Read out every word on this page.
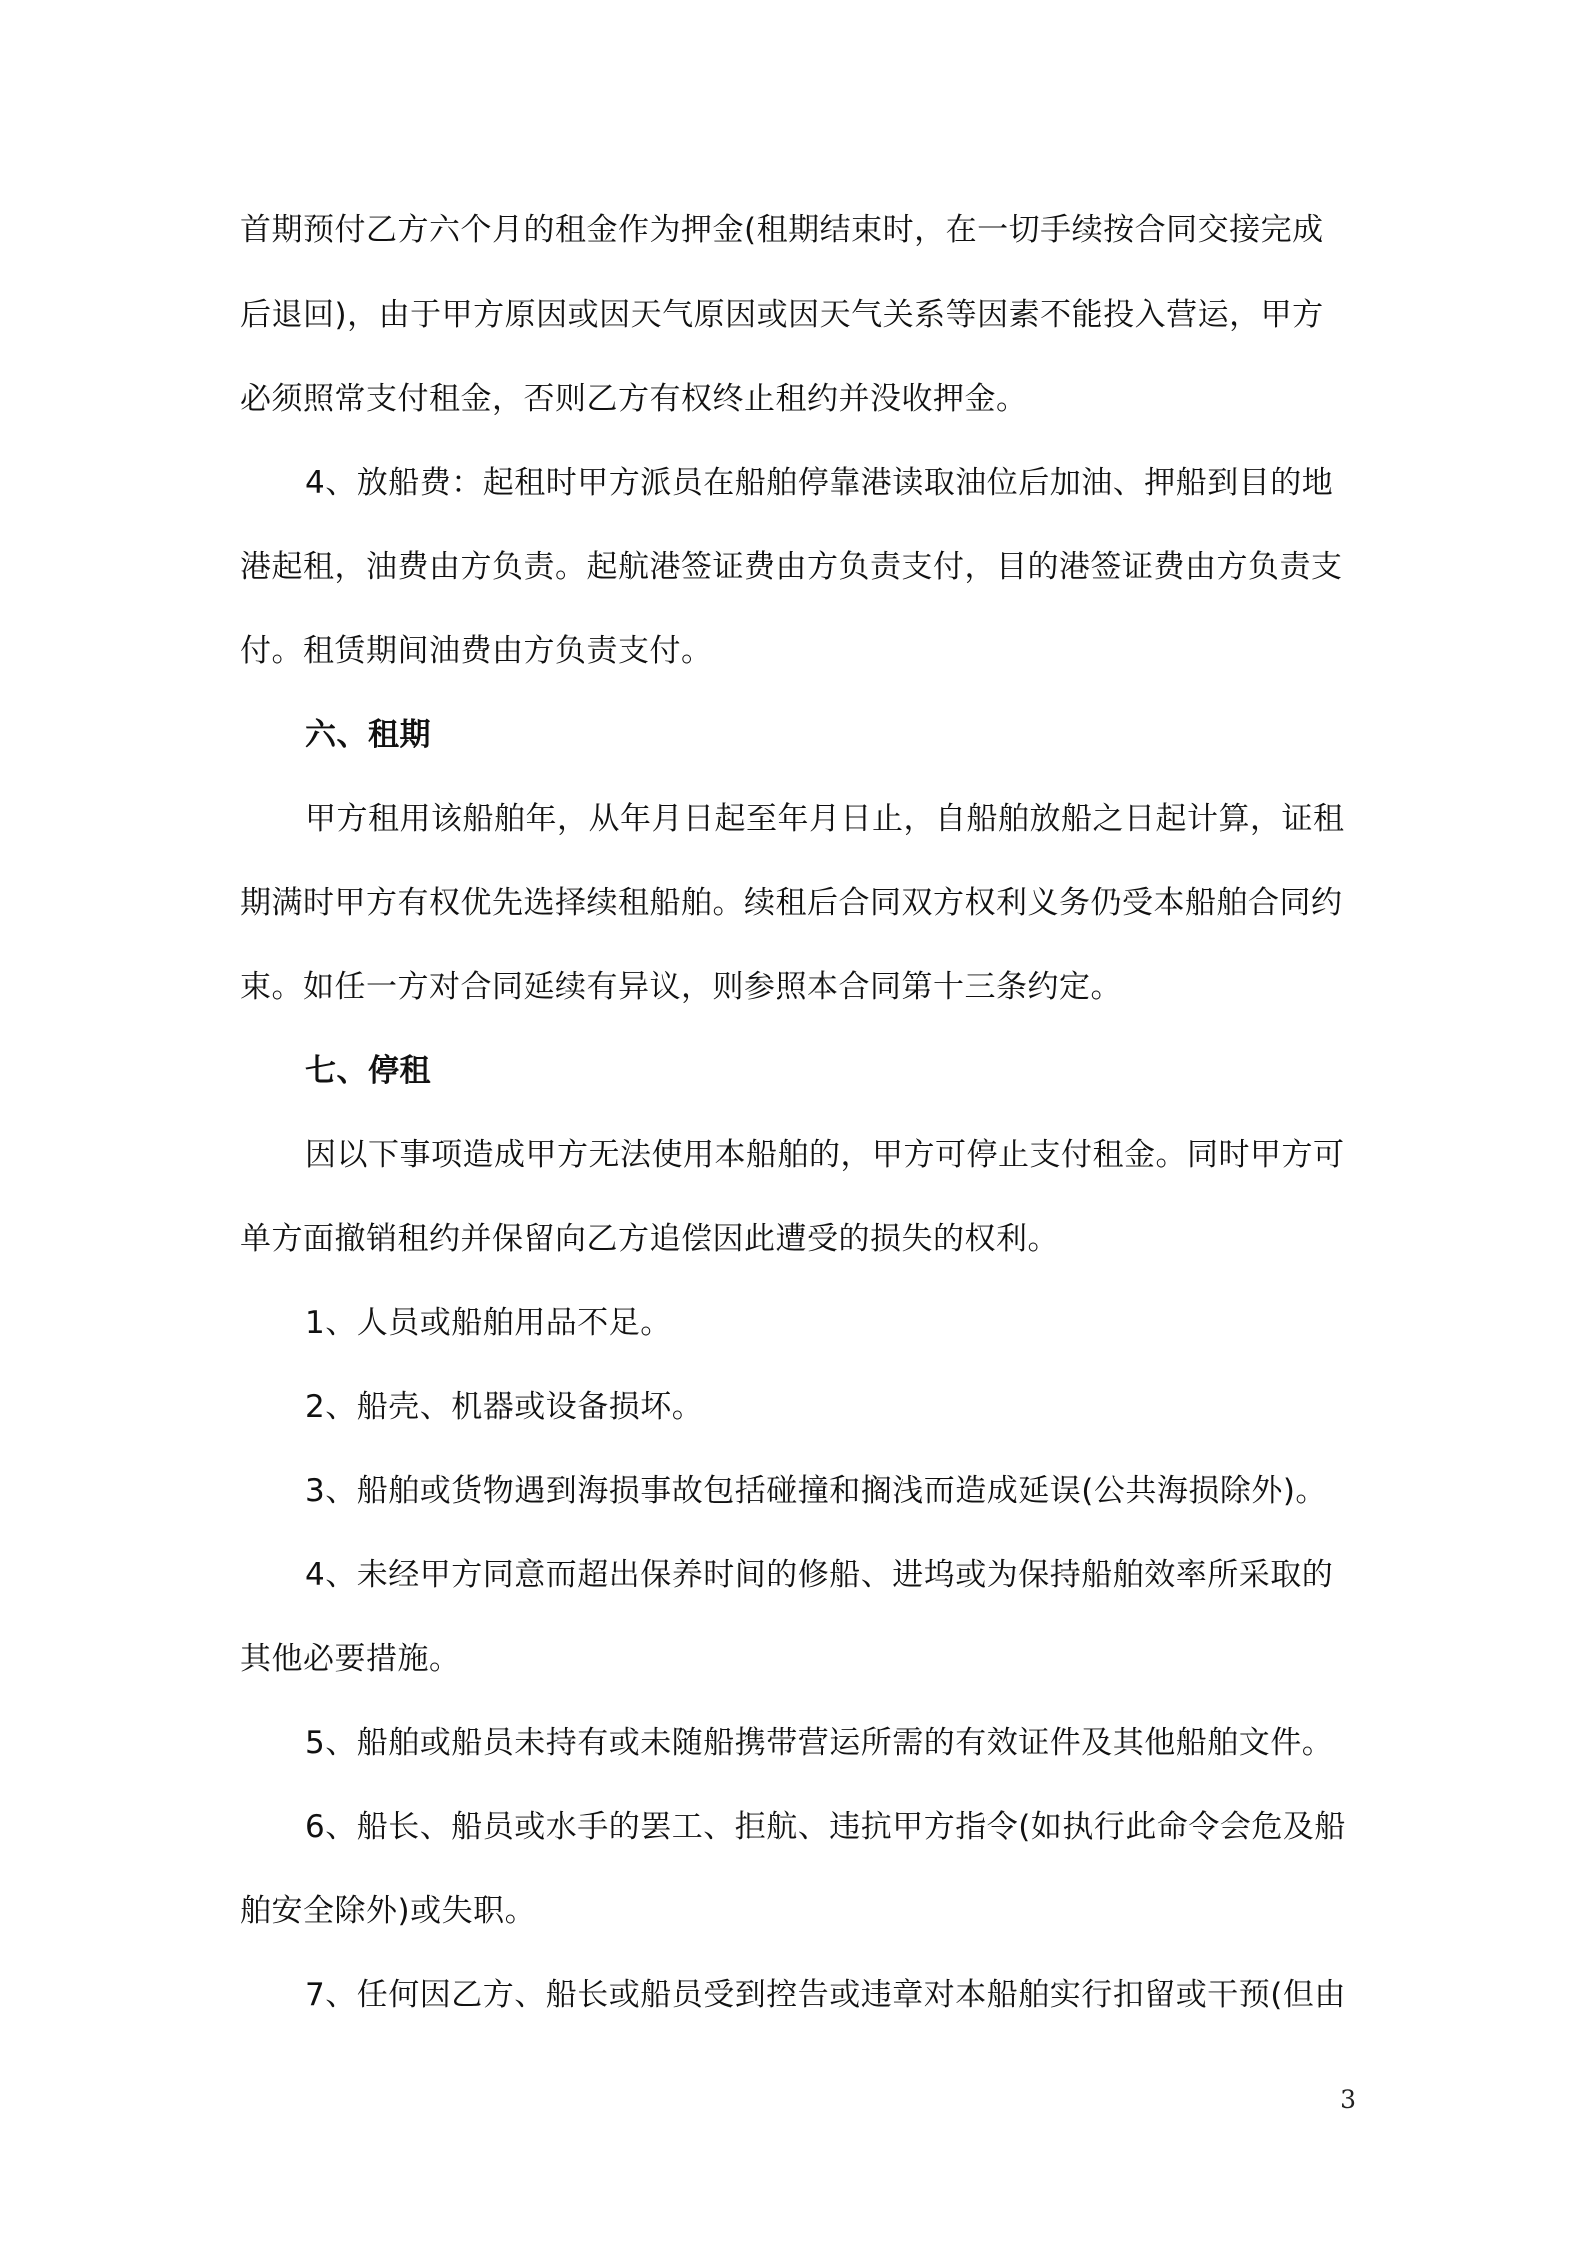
首期预付乙方六个月的租金作为押金(租期结束时，在一切手续按合同交接完成
后退回)，由于甲方原因或因天气原因或因天气关系等因素不能投入营运，甲方
必须照常支付租金，否则乙方有权终止租约并没收押金。
4、放船费：起租时甲方派员在船舶停靠港读取油位后加油、押船到目的地
港起租，油费由方负责。起航港签证费由方负责支付，目的港签证费由方负责支
付。租赁期间油费由方负责支付。
六、租期
甲方租用该船舶年，从年月日起至年月日止，自船舶放船之日起计算，证租
期满时甲方有权优先选择续租船舶。续租后合同双方权利义务仍受本船舶合同约
束。如任一方对合同延续有异议，则参照本合同第十三条约定。
七、停租
因以下事项造成甲方无法使用本船舶的，甲方可停止支付租金。同时甲方可
单方面撤销租约并保留向乙方追偿因此遭受的损失的权利。
1、人员或船舶用品不足。
2、船壳、机器或设备损坏。
3、船舶或货物遇到海损事故包括碰撞和搁浅而造成延误(公共海损除外)。
4、未经甲方同意而超出保养时间的修船、进坞或为保持船舶效率所采取的
其他必要措施。
5、船舶或船员未持有或未随船携带营运所需的有效证件及其他船舶文件。
6、船长、船员或水手的罢工、拒航、违抗甲方指令(如执行此命令会危及船
舶安全除外)或失职。
7、任何因乙方、船长或船员受到控告或违章对本船舶实行扣留或干预(但由
3
